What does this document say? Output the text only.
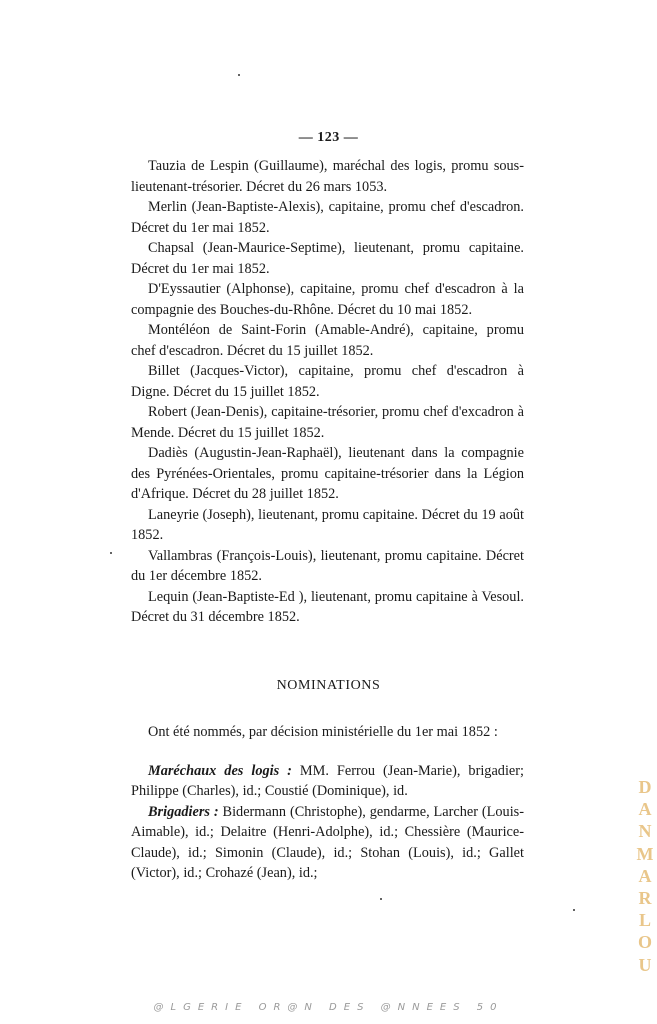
— 123 —

Tauzia de Lespin (Guillaume), maréchal des logis, promu sous-lieutenant-trésorier. Décret du 26 mars 1053.

Merlin (Jean-Baptiste-Alexis), capitaine, promu chef d'escadron. Décret du 1er mai 1852.

Chapsal (Jean-Maurice-Septime), lieutenant, promu capitaine. Décret du 1er mai 1852.

D'Eyssautier (Alphonse), capitaine, promu chef d'escadron à la compagnie des Bouches-du-Rhône. Décret du 10 mai 1852.

Montéléon de Saint-Forin (Amable-André), capitaine, promu chef d'escadron. Décret du 15 juillet 1852.

Billet (Jacques-Victor), capitaine, promu chef d'escadron à Digne. Décret du 15 juillet 1852.

Robert (Jean-Denis), capitaine-trésorier, promu chef d'excadron à Mende. Décret du 15 juillet 1852.

Dadiès (Augustin-Jean-Raphaël), lieutenant dans la compagnie des Pyrénées-Orientales, promu capitaine-trésorier dans la Légion d'Afrique. Décret du 28 juillet 1852.

Laneyrie (Joseph), lieutenant, promu capitaine. Décret du 19 août 1852.

Vallambras (François-Louis), lieutenant, promu capitaine. Décret du 1er décembre 1852.

Lequin (Jean-Baptiste-Ed ), lieutenant, promu capitaine à Vesoul. Décret du 31 décembre 1852.

NOMINATIONS

Ont été nommés, par décision ministérielle du 1er mai 1852 :

Maréchaux des logis : MM. Ferrou (Jean-Marie), brigadier; Philippe (Charles), id.; Coustié (Dominique), id.

Brigadiers : Bidermann (Christophe), gendarme, Larcher (Louis-Aimable), id.; Delaitre (Henri-Adolphe), id.; Chessière (Maurice-Claude), id.; Simonin (Claude), id.; Stohan (Louis), id.; Gallet (Victor), id.; Crohazé (Jean), id.;

D
A
N
M
A
R
L
O
U
@LGERIE OR@N DES @NNEES 50
